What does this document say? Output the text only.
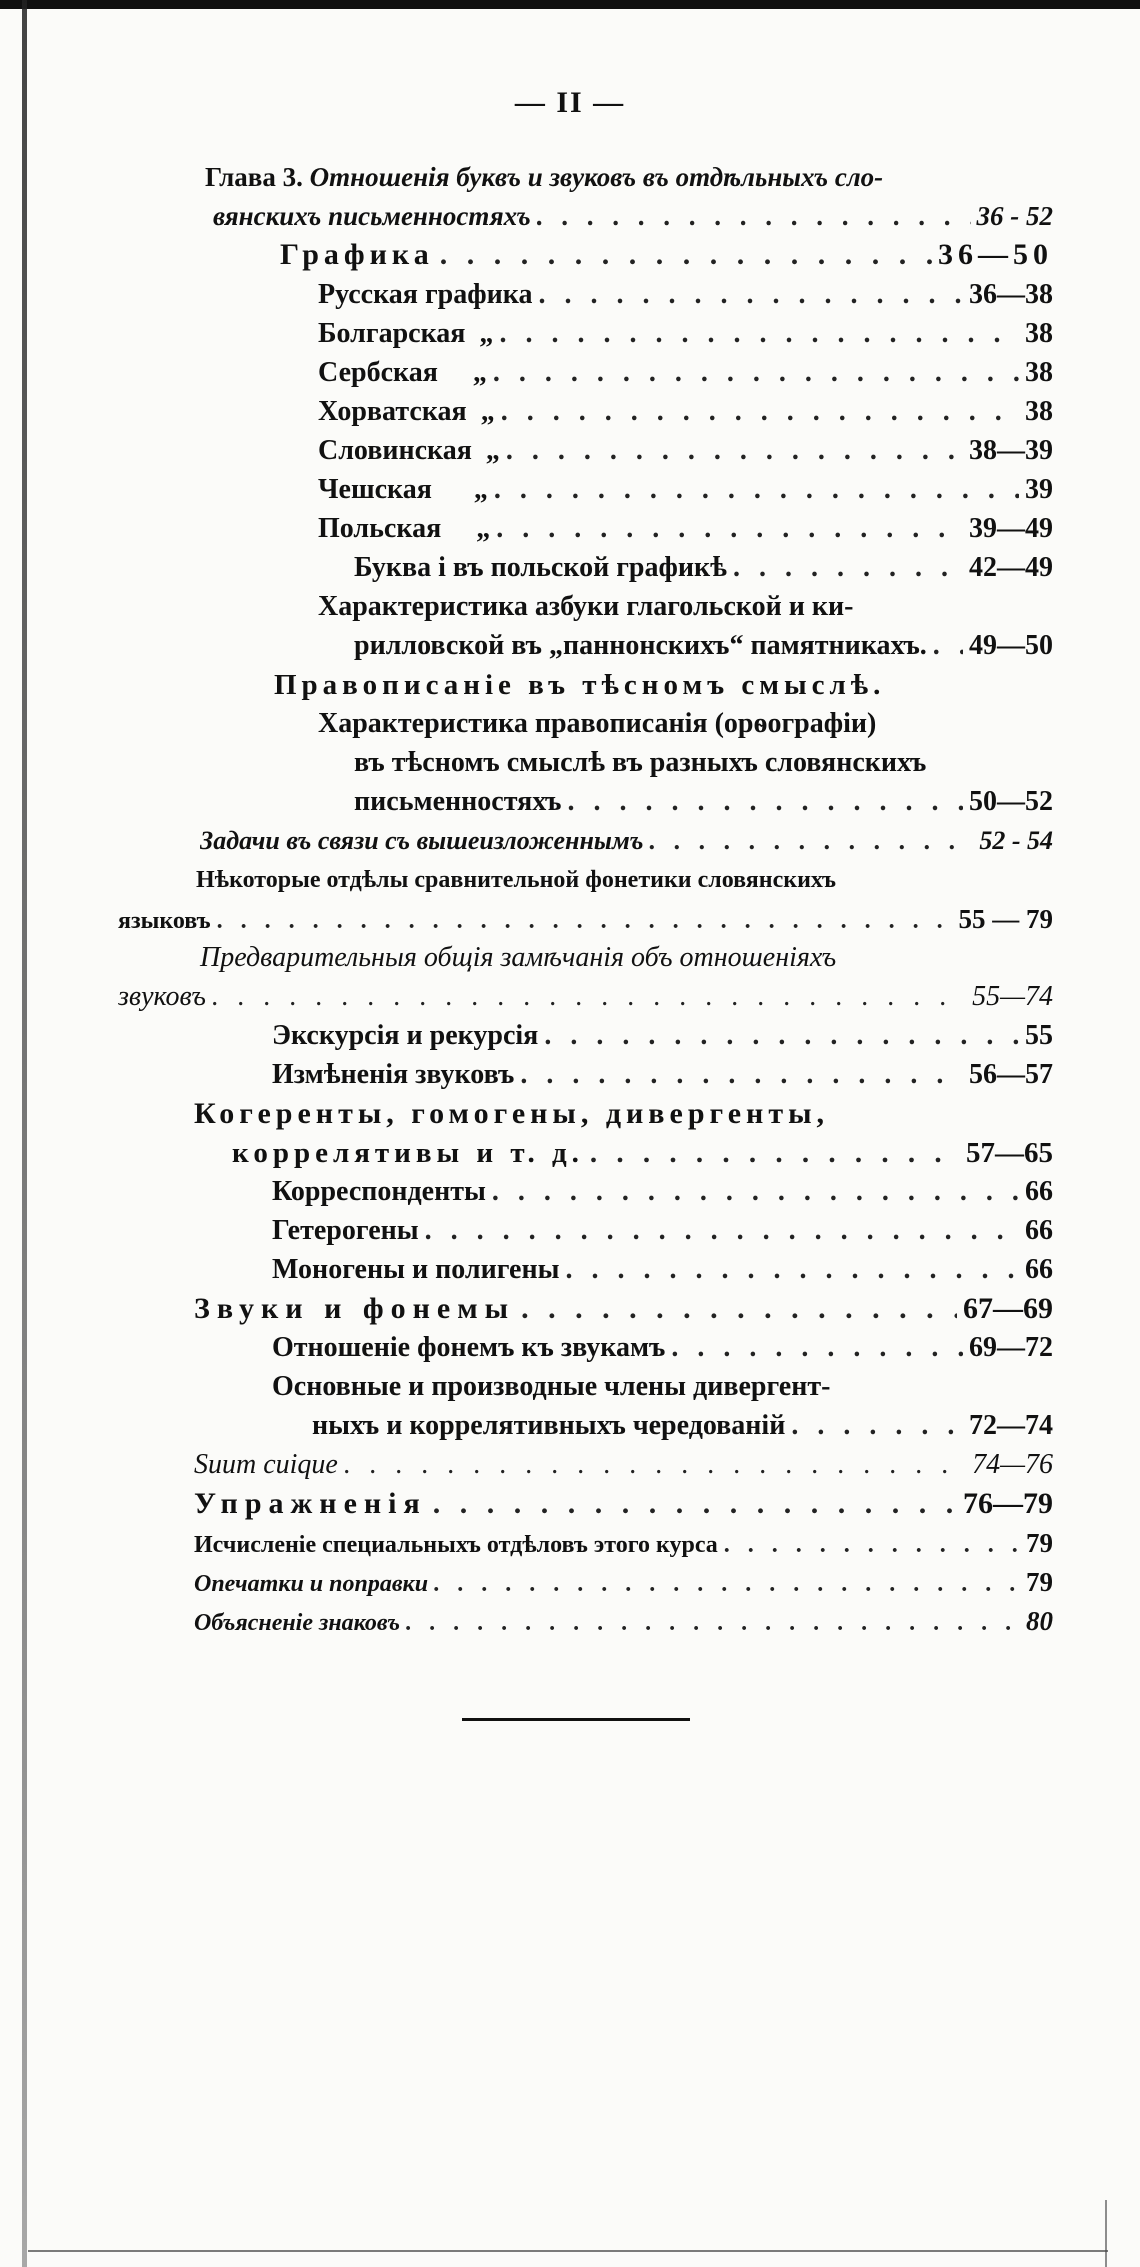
— II —
Глава 3. Отношенія буквъ и звуковъ въ отдѣльныхъ сло-
вянскихъ письменностяхъ . . .	36 - 52
Графика . . .	36—50
Русская графика . . .	36—38
Болгарская  „ . . .	38
Сербская     „ . . .	38
Хорватская  „ . . .	38
Словинская  „ . . .	38—39
Чешская      „ . . .	39
Польская     „ . . .	39—49
Буква і въ польской графикѣ . . .	42—49
Характеристика азбуки глагольской и ки-
рилловской въ „паннонскихъ“ памятникахъ. . . . 49—50
Правописаніе въ тѣсномъ смыслѣ.
Характеристика правописанія (орѳографіи)
въ тѣсномъ смыслѣ въ разныхъ словянскихъ
письменностяхъ . . .	50—52
Задачи въ связи съ вышеизложеннымъ . . .	52 - 54
Нѣкоторые отдѣлы сравнительной фонетики словянскихъ
языковъ . . .	55 — 79
Предварительныя общія замѣчанія объ отношеніяхъ
звуковъ . . .	55—74
Экскурсія и рекурсія . . .	55
Измѣненія звуковъ . . .	56—57
Когеренты, гомогены, дивергенты,
коррелятивы и т. д. . . .	57—65
Корреспонденты . . .	66
Гетерогены . . .	66
Моногены и полигены . . .	66
Звуки и фонемы . . .	67—69
Отношеніе фонемъ къ звукамъ . . .	69—72
Основные и производные члены дивергент-
ныхъ и коррелятивныхъ чередованій . . .	72—74
Suum cuique . . .	74—76
Упражненія . . .	76—79
Исчисленіе специальныхъ отдѣловъ этого курса . . .	79
Опечатки и поправки . . .	79
Объясненіе знаковъ . . .	80
